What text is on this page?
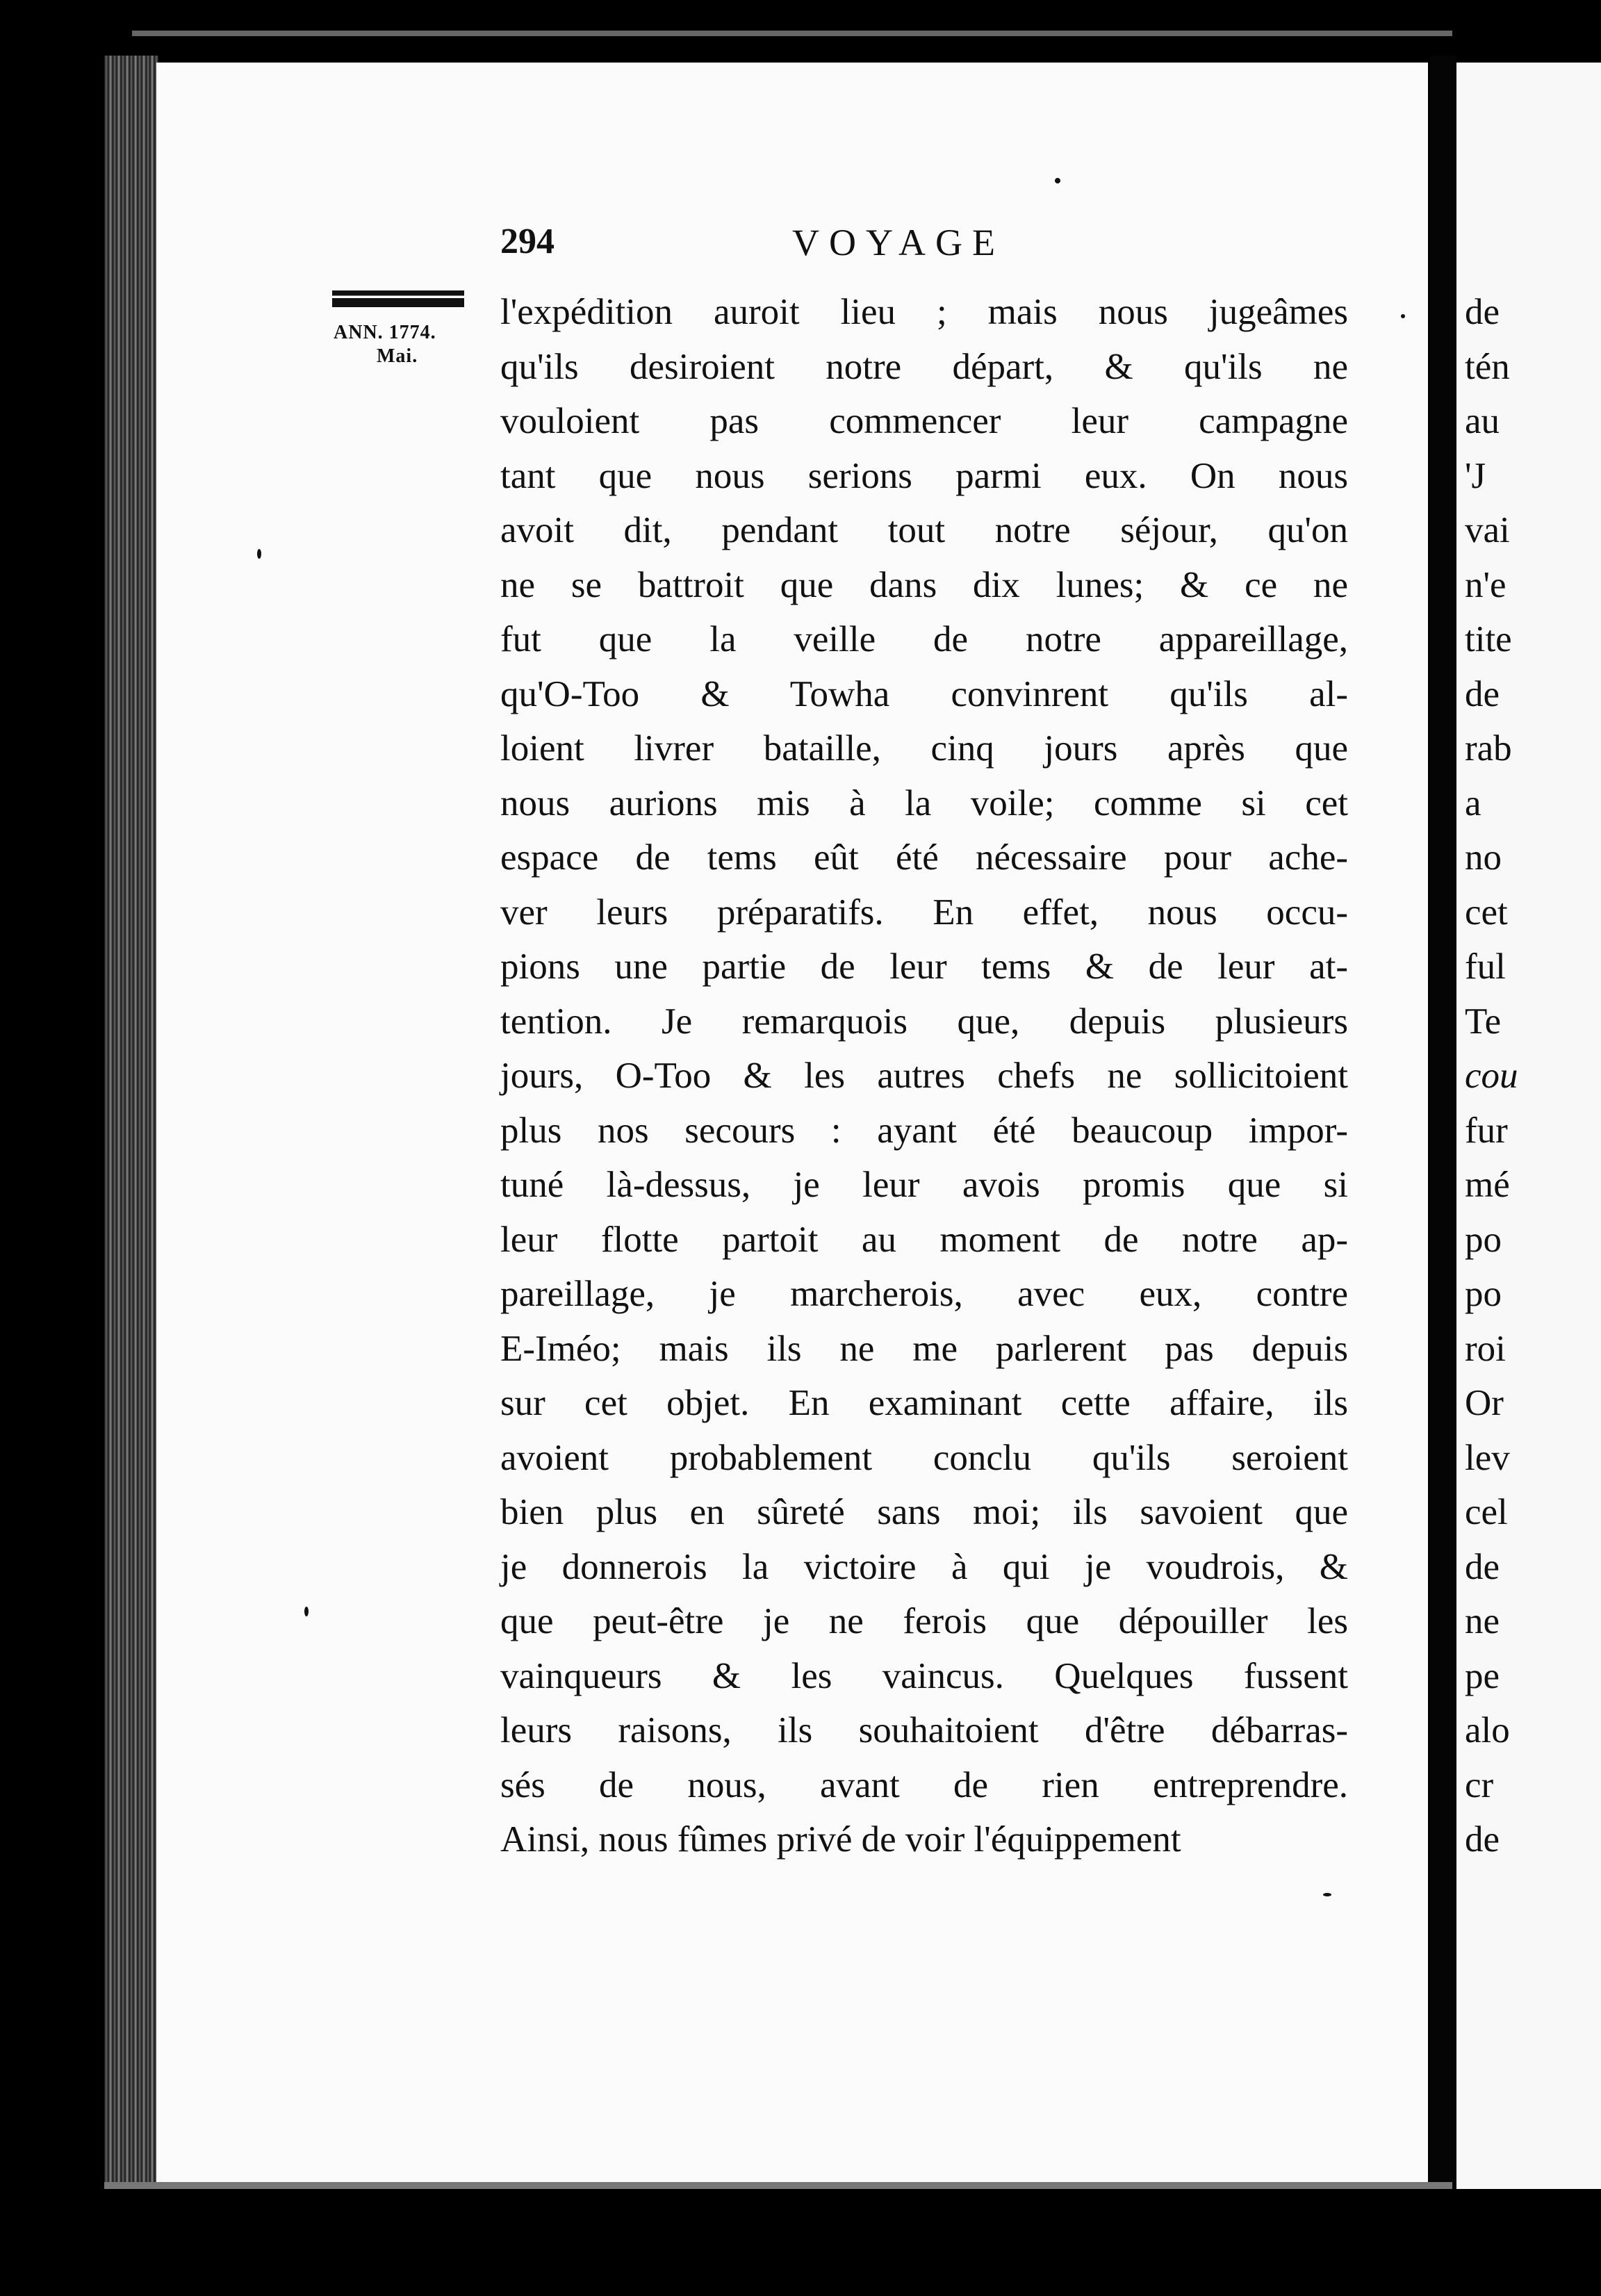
294	VOYAGE
ANN. 1774.
Mai.
l'expédition auroit lieu ; mais nous jugeâmes
qu'ils desiroient notre départ, & qu'ils ne
vouloient pas commencer leur campagne
tant que nous serions parmi eux. On nous
avoit dit, pendant tout notre séjour, qu'on
ne se battroit que dans dix lunes; & ce ne
fut que la veille de notre appareillage,
qu'O-Too & Towha convinrent qu'ils al-
loient livrer bataille, cinq jours après que
nous aurions mis à la voile; comme si cet
espace de tems eût été nécessaire pour ache-
ver leurs préparatifs. En effet, nous occu-
pions une partie de leur tems & de leur at-
tention. Je remarquois que, depuis plusieurs
jours, O-Too & les autres chefs ne sollicitoient
plus nos secours : ayant été beaucoup impor-
tuné là-dessus, je leur avois promis que si
leur flotte partoit au moment de notre ap-
pareillage, je marcherois, avec eux, contre
E-Iméo; mais ils ne me parlerent pas depuis
sur cet objet. En examinant cette affaire, ils
avoient probablement conclu qu'ils seroient
bien plus en sûreté sans moi; ils savoient que
je donnerois la victoire à qui je voudrois, &
que peut-être je ne ferois que dépouiller les
vainqueurs & les vaincus. Quelques fussent
leurs raisons, ils souhaitoient d'être débarras-
sés de nous, avant de rien entreprendre.
Ainsi, nous fûmes privé de voir l'équippement
de
tén
au
'J
vai
n'e
tite
de
rab
a
no
cet
ful
Te
cou
fur
mé
po
po
roi
Or
lev
cel
de
ne
pe
alo
cr
de
